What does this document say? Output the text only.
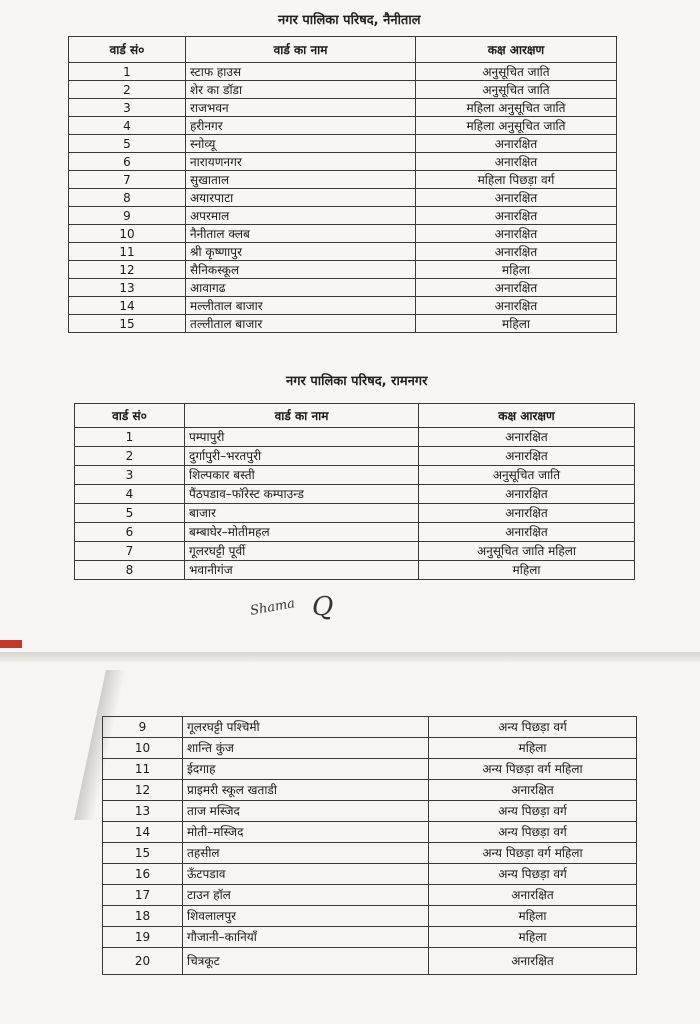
नगर पालिका परिषद, नैनीताल
वार्ड सं०	वार्ड का नाम	कक्ष आरक्षण
1	स्टाफ हाउस	अनुसूचित जाति
2	शेर का डॉडा	अनुसूचित जाति
3	राजभवन	महिला अनुसूचित जाति
4	हरीनगर	महिला अनुसूचित जाति
5	स्नोव्यू	अनारक्षित
6	नारायणनगर	अनारक्षित
7	सुखाताल	महिला पिछड़ा वर्ग
8	अयारपाटा	अनारक्षित
9	अपरमाल	अनारक्षित
10	नैनीताल क्लब	अनारक्षित
11	श्री कृष्णापुर	अनारक्षित
12	सैनिकस्कूल	महिला
13	आवागढ	अनारक्षित
14	मल्लीताल बाजार	अनारक्षित
15	तल्लीताल बाजार	महिला
नगर पालिका परिषद, रामनगर
वार्ड सं०	वार्ड का नाम	कक्ष आरक्षण
1	पम्पापुरी	अनारक्षित
2	दुर्गापुरी–भरतपुरी	अनारक्षित
3	शिल्पकार बस्ती	अनुसूचित जाति
4	पैंठपडाव–फॉरेस्ट कम्पाउन्ड	अनारक्षित
5	बाजार	अनारक्षित
6	बम्बाघेर–मोतीमहल	अनारक्षित
7	गूलरघट्टी पूर्वी	अनुसूचित जाति महिला
8	भवानीगंज	महिला
Shama Q
9	गूलरघट्टी पश्चिमी	अन्य पिछड़ा वर्ग
10	शान्ति कुंज	महिला
11	ईदगाह	अन्य पिछड़ा वर्ग महिला
12	प्राइमरी स्कूल खताडी	अनारक्षित
13	ताज मस्जिद	अन्य पिछड़ा वर्ग
14	मोती–मस्जिद	अन्य पिछड़ा वर्ग
15	तहसील	अन्य पिछड़ा वर्ग महिला
16	ऊँटपडाव	अन्य पिछड़ा वर्ग
17	टाउन हॉल	अनारक्षित
18	शिवलालपुर	महिला
19	गौजानी–कानियाँ	महिला
20	चित्रकूट	अनारक्षित
